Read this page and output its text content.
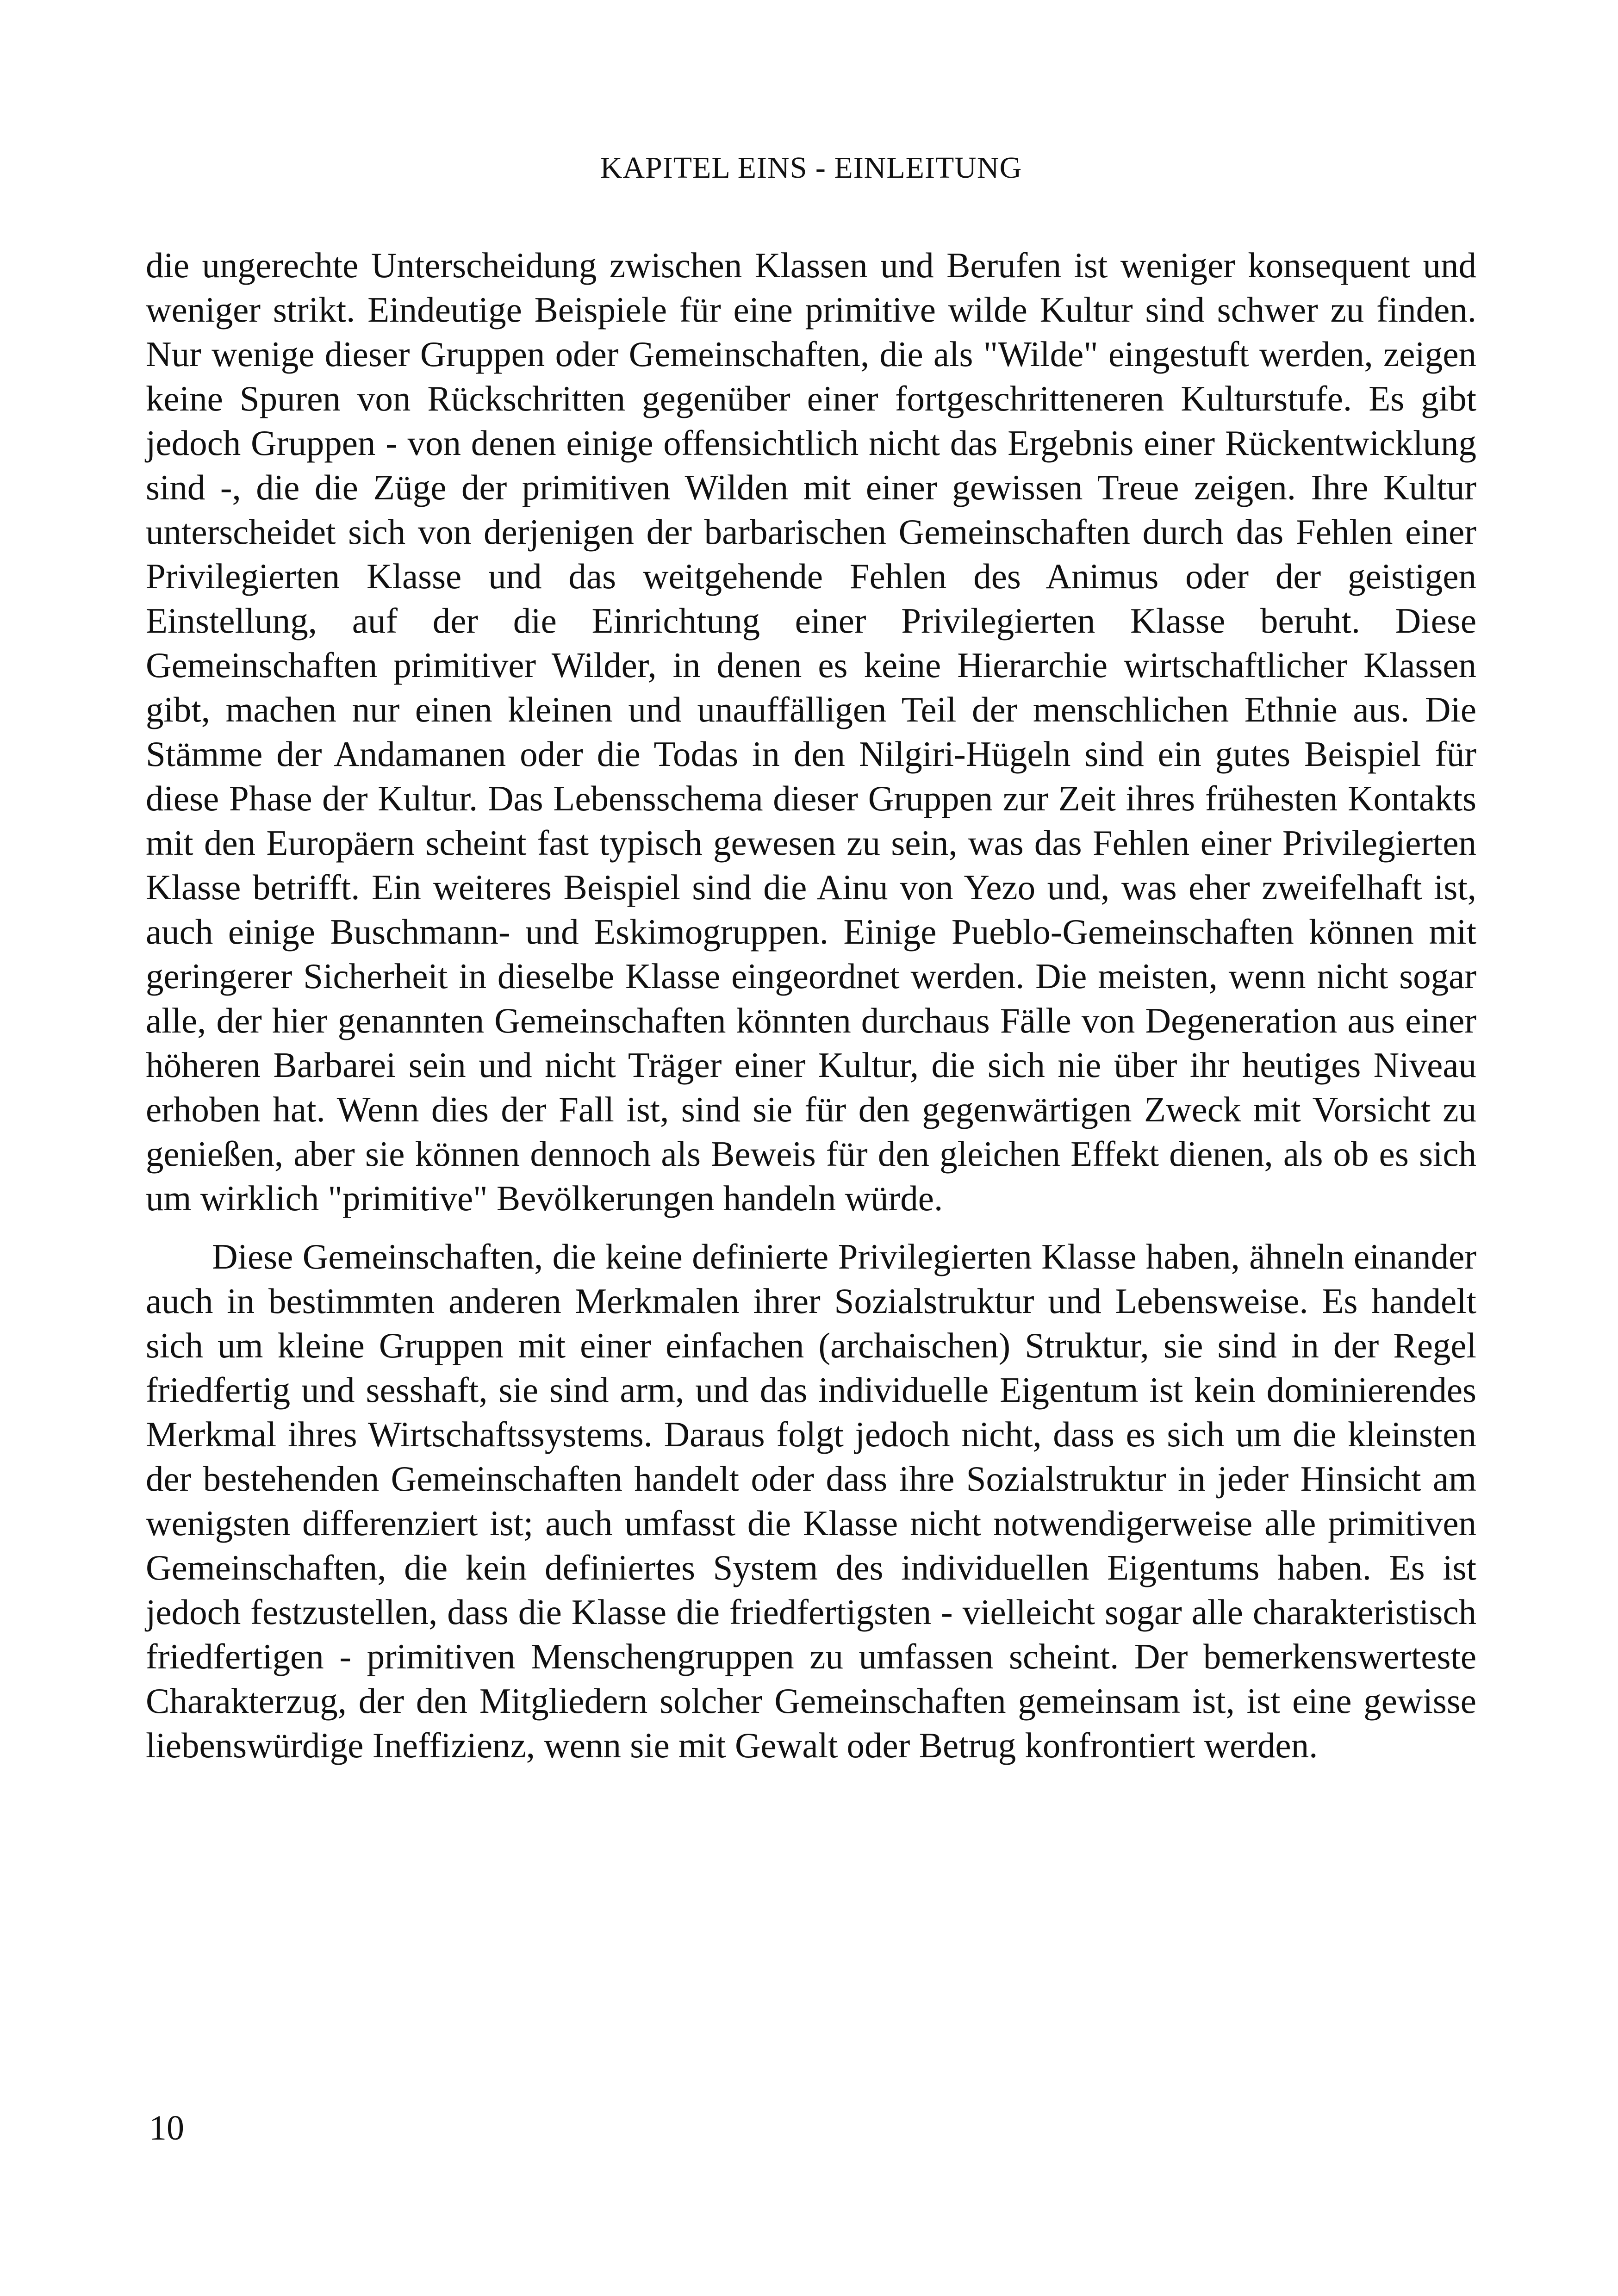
KAPITEL EINS - EINLEITUNG

die ungerechte Unterscheidung zwischen Klassen und Berufen ist weniger konsequent und weniger strikt. Eindeutige Beispiele für eine primitive wilde Kultur sind schwer zu finden. Nur wenige dieser Gruppen oder Gemeinschaften, die als "Wilde" eingestuft werden, zeigen keine Spuren von Rückschritten gegenüber einer fortgeschritteneren Kulturstufe. Es gibt jedoch Gruppen - von denen einige offensichtlich nicht das Ergebnis einer Rückentwicklung sind -, die die Züge der primitiven Wilden mit einer gewissen Treue zeigen. Ihre Kultur unterscheidet sich von derjenigen der barbarischen Gemeinschaften durch das Fehlen einer Privilegierten Klasse und das weitgehende Fehlen des Animus oder der geistigen Einstellung, auf der die Einrichtung einer Privilegierten Klasse beruht. Diese Gemeinschaften primitiver Wilder, in denen es keine Hierarchie wirtschaftlicher Klassen gibt, machen nur einen kleinen und unauffälligen Teil der menschlichen Ethnie aus. Die Stämme der Andamanen oder die Todas in den Nilgiri-Hügeln sind ein gutes Beispiel für diese Phase der Kultur. Das Lebensschema dieser Gruppen zur Zeit ihres frühesten Kontakts mit den Europäern scheint fast typisch gewesen zu sein, was das Fehlen einer Privilegierten Klasse betrifft. Ein weiteres Beispiel sind die Ainu von Yezo und, was eher zweifelhaft ist, auch einige Buschmann- und Eskimogruppen. Einige Pueblo-Gemeinschaften können mit geringerer Sicherheit in dieselbe Klasse eingeordnet werden. Die meisten, wenn nicht sogar alle, der hier genannten Gemeinschaften könnten durchaus Fälle von Degeneration aus einer höheren Barbarei sein und nicht Träger einer Kultur, die sich nie über ihr heutiges Niveau erhoben hat. Wenn dies der Fall ist, sind sie für den gegenwärtigen Zweck mit Vorsicht zu genießen, aber sie können dennoch als Beweis für den gleichen Effekt dienen, als ob es sich um wirklich "primitive" Bevölkerungen handeln würde.

Diese Gemeinschaften, die keine definierte Privilegierten Klasse haben, ähneln einander auch in bestimmten anderen Merkmalen ihrer Sozialstruktur und Lebensweise. Es handelt sich um kleine Gruppen mit einer einfachen (archaischen) Struktur, sie sind in der Regel friedfertig und sesshaft, sie sind arm, und das individuelle Eigentum ist kein dominierendes Merkmal ihres Wirtschaftssystems. Daraus folgt jedoch nicht, dass es sich um die kleinsten der bestehenden Gemeinschaften handelt oder dass ihre Sozialstruktur in jeder Hinsicht am wenigsten differenziert ist; auch umfasst die Klasse nicht notwendigerweise alle primitiven Gemeinschaften, die kein definiertes System des individuellen Eigentums haben. Es ist jedoch festzustellen, dass die Klasse die friedfertigsten - vielleicht sogar alle charakteristisch friedfertigen - primitiven Menschengruppen zu umfassen scheint. Der bemerkenswerteste Charakterzug, der den Mitgliedern solcher Gemeinschaften gemeinsam ist, ist eine gewisse liebenswürdige Ineffizienz, wenn sie mit Gewalt oder Betrug konfrontiert werden.

10
